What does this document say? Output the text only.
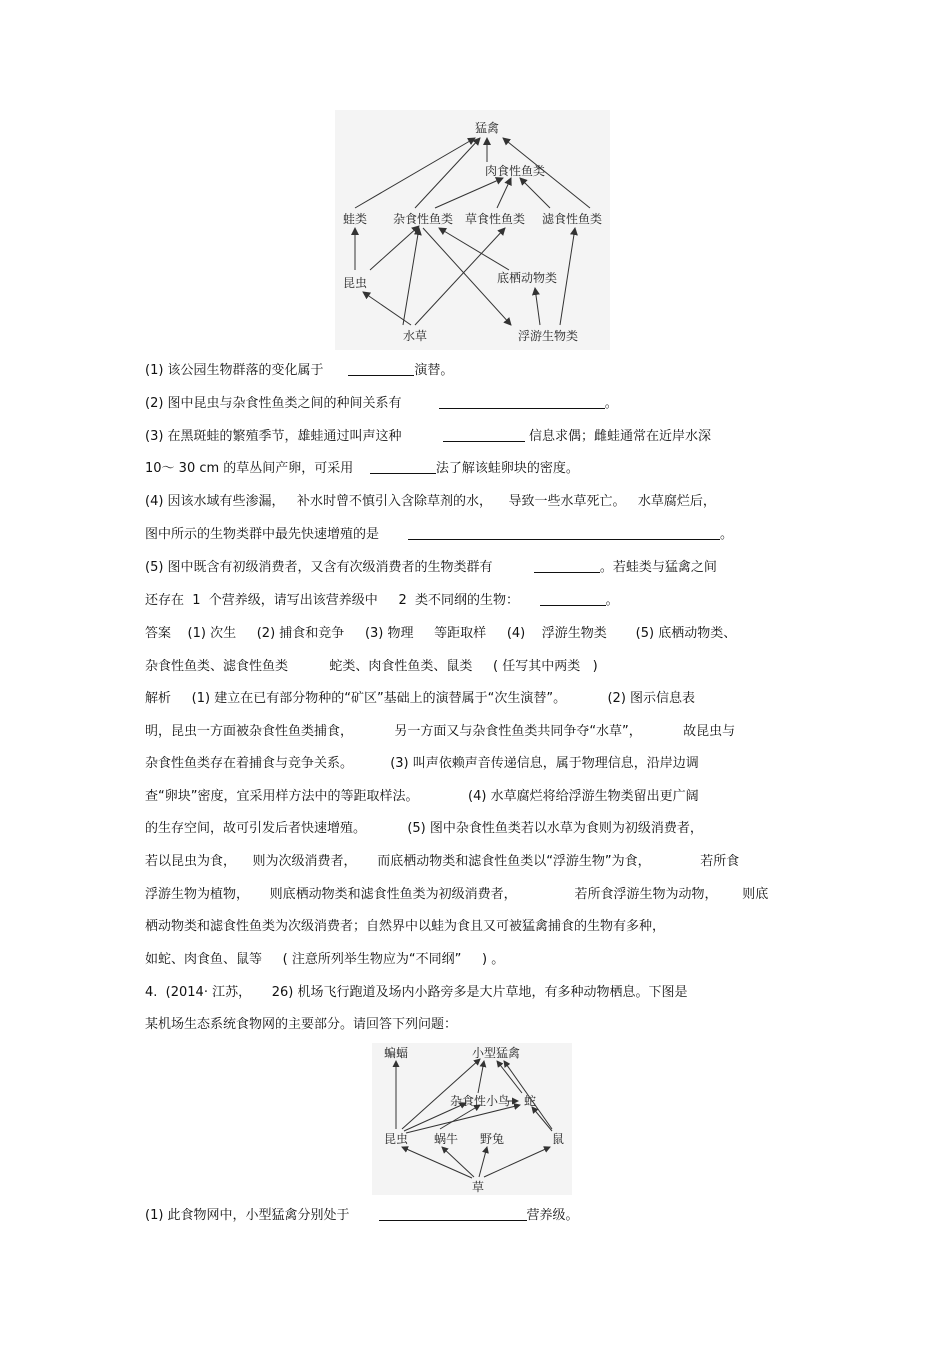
猛禽
肉食性鱼类
蛙类 杂食性鱼类 草食性鱼类 滤食性鱼类
昆虫	底栖动物类
水草	浮游生物类
(1) 该公园生物群落的变化属于	演替。
(2) 图中昆虫与杂食性鱼类之间的种间关系有	。
(3) 在黑斑蛙的繁殖季节，雄蛙通过叫声这种	信息求偶；雌蛙通常在近岸水深
10～ 30 cm 的草丛间产卵，可采用	法了解该蛙卵块的密度。
(4) 因该水域有些渗漏，   补水时曾不慎引入含除草剂的水，    导致一些水草死亡。   水草腐烂后，
图中所示的生物类群中最先快速增殖的是	。
(5) 图中既含有初级消费者，又含有次级消费者的生物类群有	。若蛙类与猛禽之间
还存在  1  个营养级，请写出该营养级中     2  类不同纲的生物：	。
答案    (1) 次生     (2) 捕食和竞争     (3) 物理     等距取样     (4)    浮游生物类       (5) 底栖动物类、
杂食性鱼类、滤食性鱼类          蛇类、肉食性鱼类、鼠类     ( 任写其中两类   )
解析     (1) 建立在已有部分物种的“矿区”基础上的演替属于“次生演替”。          (2) 图示信息表
明，昆虫一方面被杂食性鱼类捕食，          另一方面又与杂食性鱼类共同争夺“水草”，          故昆虫与
杂食性鱼类存在着捕食与竞争关系。         (3) 叫声依赖声音传递信息，属于物理信息，沿岸边调
查“卵块”密度，宜采用样方法中的等距取样法。            (4) 水草腐烂将给浮游生物类留出更广阔
的生存空间，故可引发后者快速增殖。          (5) 图中杂食性鱼类若以水草为食则为初级消费者，
若以昆虫为食，    则为次级消费者，     而底栖动物类和滤食性鱼类以“浮游生物”为食，            若所食
浮游生物为植物，     则底栖动物类和滤食性鱼类为初级消费者，              若所食浮游生物为动物，      则底
栖动物类和滤食性鱼类为次级消费者；自然界中以蛙为食且又可被猛禽捕食的生物有多种，
如蛇、肉食鱼、鼠等     ( 注意所列举生物应为“不同纲”     ) 。
4.  (2014· 江苏，     26) 机场飞行跑道及场内小路旁多是大片草地，有多种动物栖息。下图是
某机场生态系统食物网的主要部分。请回答下列问题：
蝙蝠	小型猛禽
杂食性小鸟 蛇
昆虫 蜗牛 野兔	鼠
草
(1) 此食物网中，小型猛禽分别处于	营养级。
